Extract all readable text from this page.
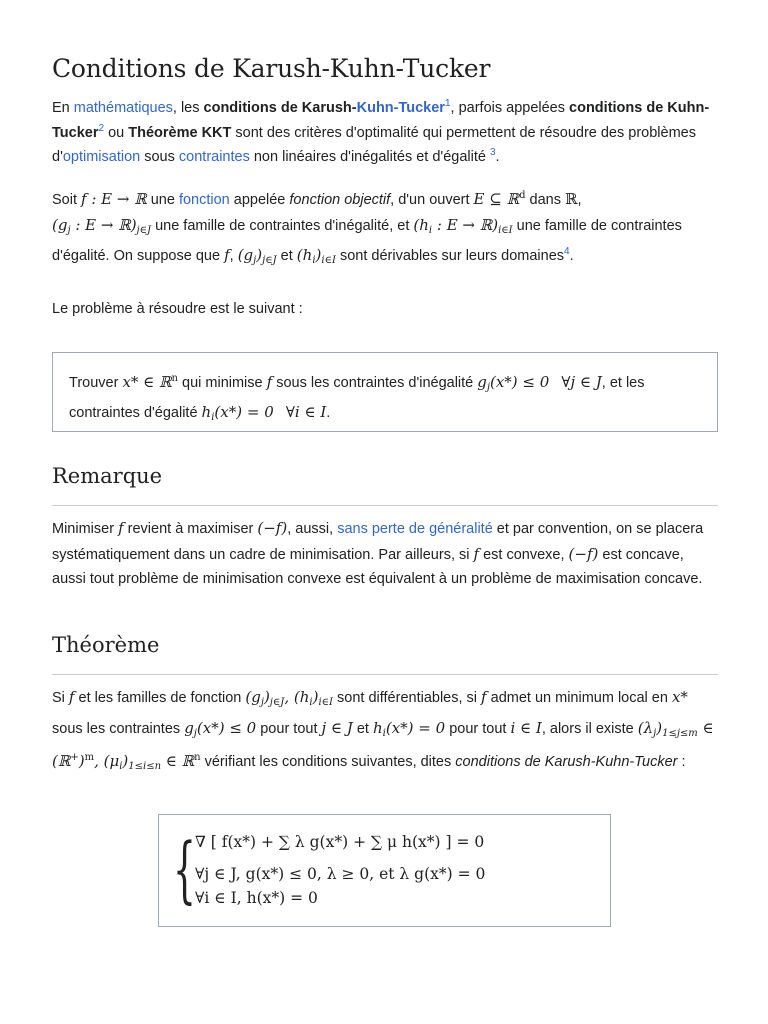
Conditions de Karush-Kuhn-Tucker

En mathématiques, les conditions de Karush-Kuhn-Tucker$^1$, parfois appelées conditions de Kuhn-Tucker$^2$ ou Théorème KKT sont des critères d'optimalité qui permettent de résoudre des problèmes d'optimisation sous contraintes non linéaires d'inégalités et d'égalité $^3$.

Soit f : E → ℝ une fonction appelée fonction objectif, d'un ouvert E ⊆ ℝ$^d$ dans ℝ,
($g_j$ : $E \to ℝ)_{j\in J}$ une famille de contraintes d'inégalité, et ($h_i$ : $E \to ℝ)_{i\in I}$ une famille de contraintes d'égalité. On suppose que f, $(g_j)_{j\in J}$ et $(h_i)_{i\in I}$ sont dérivables sur leurs domaines$^4$.

Le problème à résoudre est le suivant :

Trouver x* ∈ ℝ$^n$ qui minimise f sous les contraintes d'inégalité $g_j(x*) \le 0$ ∀j ∈ J, et les contraintes d'égalité $h_i(x*) = 0$ ∀i ∈ I.
Remarque

Minimiser f revient à maximiser (−f), aussi, sans perte de généralité et par convention, on se placera systématiquement dans un cadre de minimisation. Par ailleurs, si f est convexe, (−f) est concave, aussi tout problème de minimisation convexe est équivalent à un problème de maximisation concave.

Théorème

Si f et les familles de fonction $(g_j)_{j\in J}$, $(h_i)_{i\in I}$ sont différentiables, si f admet un minimum local en x* sous les contraintes $g_j(x*) \le 0$ pour tout j ∈ J et $h_i(x*) = 0$ pour tout i ∈ I, alors il existe $(\lambda_j)_{1\le j\le m}$ ∈ (ℝ+)$^m$, $(\mu_i)_{1\le i\le n}$ ∈ ℝ$^n$ vérifiant les conditions suivantes, dites conditions de Karush-Kuhn-Tucker :

{ ∇ [ f(x*) + ∑ λ g(x*) + ∑ μ h(x*) ] = 0
∀j ∈ J, g(x*) ≤ 0, λ ≥ 0, et λ g(x*) = 0
∀i ∈ I, h(x*) = 0
